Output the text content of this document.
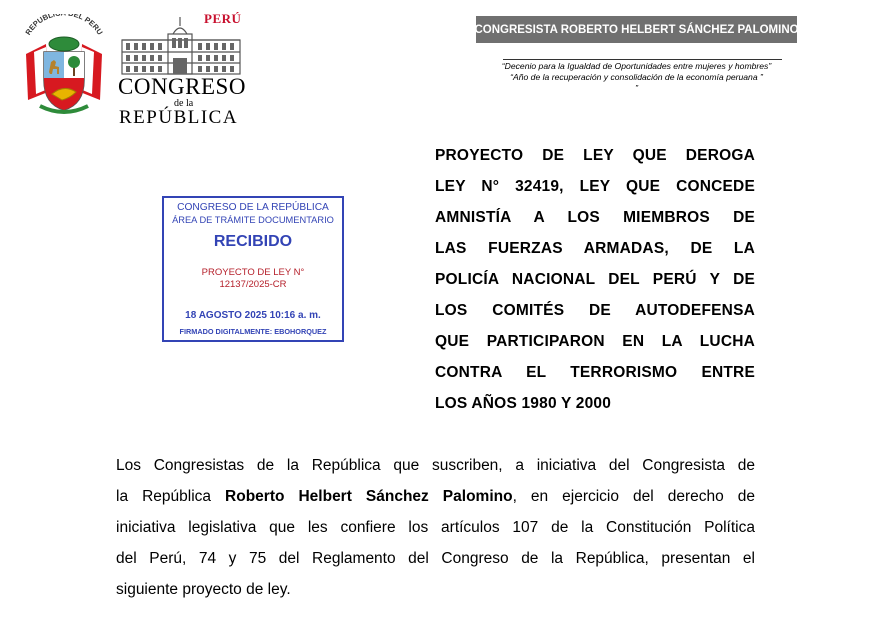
REPUBLI EL PERU
PERÚ
CONGRESO
de la
REPÚBLICA
CONGRESISTA ROBERTO HELBERT SÁNCHEZ PALOMINO
“Decenio para la Igualdad de Oportunidades entre mujeres y hombres”
“Año de la recuperación y consolidación de la economía peruana ”
”
CONGRESO DE LA REPÚBLICA
ÁREA DE TRÁMITE DOCUMENTARIO
RECIBIDO
PROYECTO DE LEY N°
12137/2025-CR
18 AGOSTO 2025 10:16 a. m.
FIRMADO DIGITALMENTE: EBOHORQUEZ
PROYECTO DE LEY QUE DEROGA
LEY N° 32419, LEY QUE CONCEDE
AMNISTÍA A LOS MIEMBROS DE
LAS FUERZAS ARMADAS, DE LA
POLICÍA NACIONAL DEL PERÚ Y DE
LOS COMITÉS DE AUTODEFENSA
QUE PARTICIPARON EN LA LUCHA
CONTRA EL TERRORISMO ENTRE
LOS AÑOS 1980 Y 2000
Los Congresistas de la República que suscriben, a iniciativa del Congresista de
la República Roberto Helbert Sánchez Palomino, en ejercicio del derecho de
iniciativa legislativa que les confiere los artículos 107 de la Constitución Política
del Perú, 74 y 75 del Reglamento del Congreso de la República, presentan el
siguiente proyecto de ley.
